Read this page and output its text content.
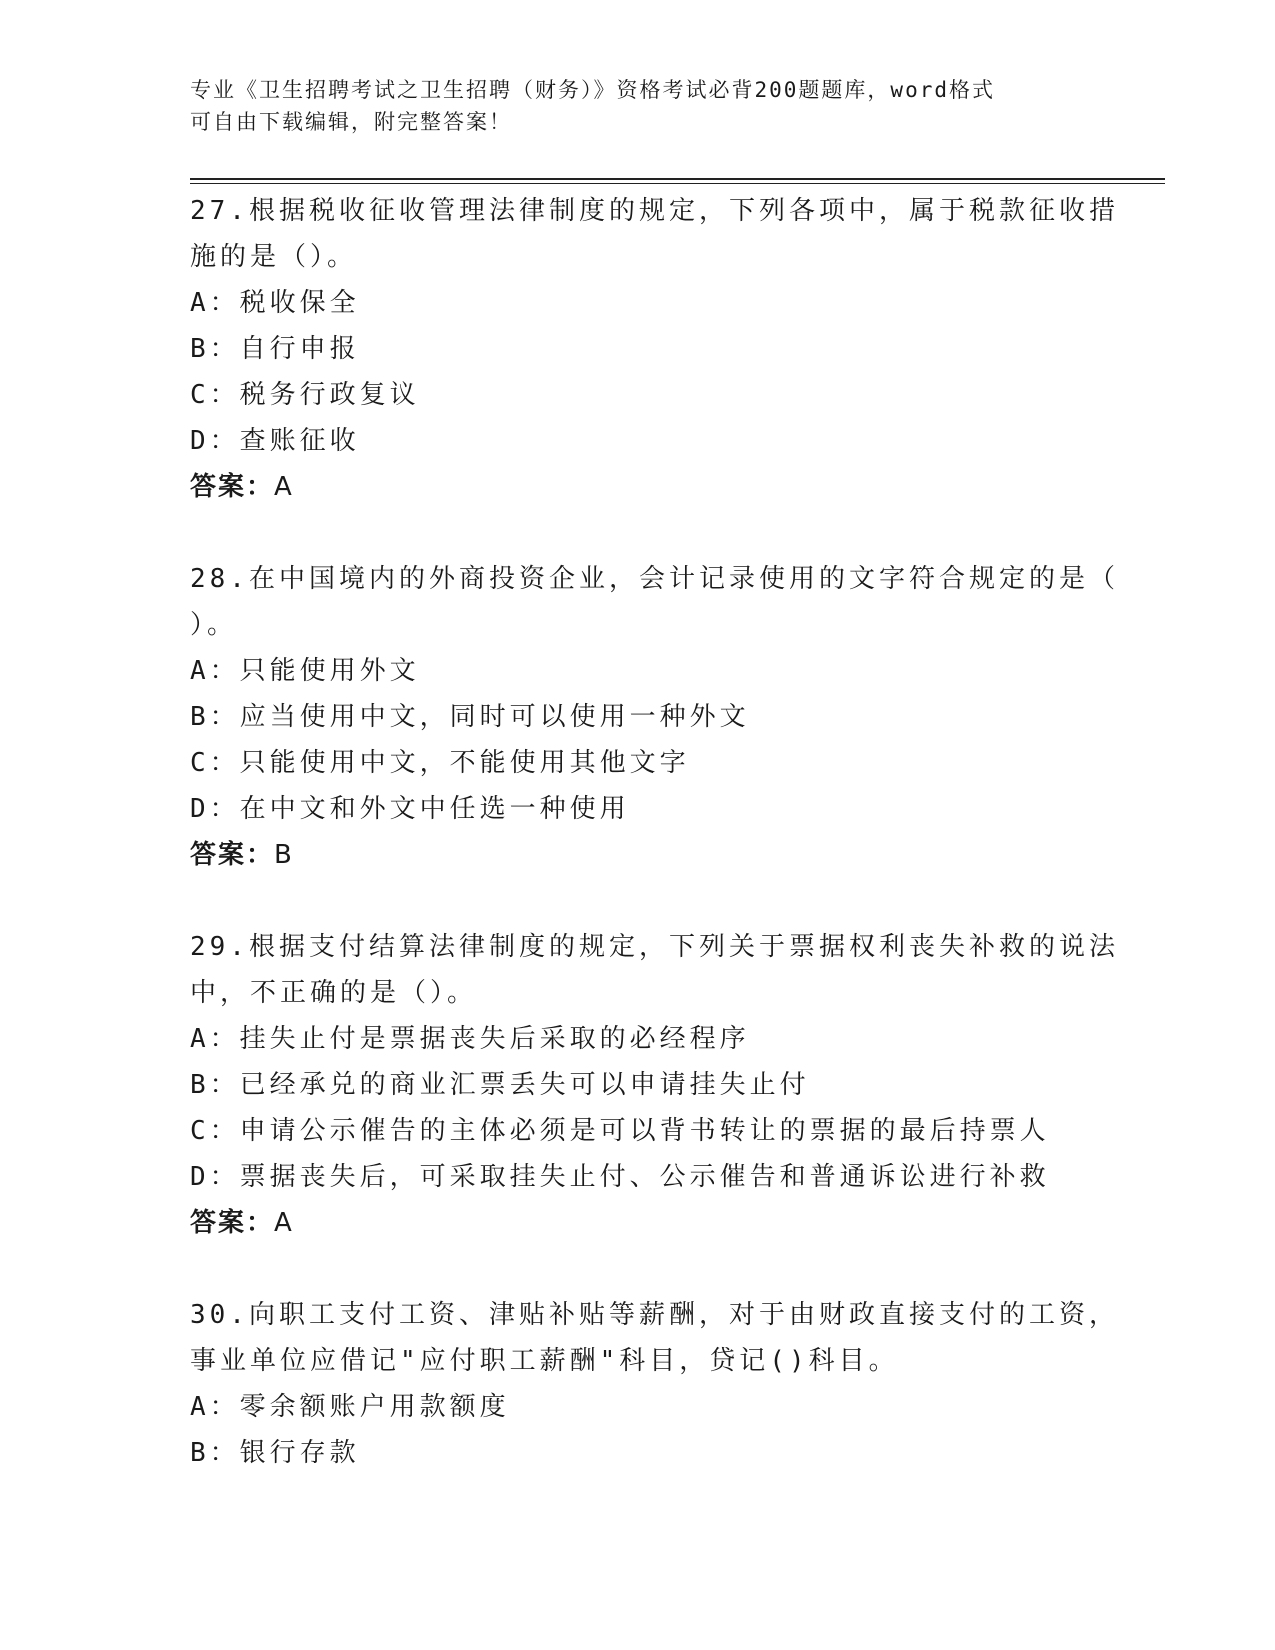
专业《卫生招聘考试之卫生招聘（财务）》资格考试必背200题题库，word格式
可自由下载编辑，附完整答案！
27.根据税收征收管理法律制度的规定，下列各项中，属于税款征收措
施的是（）。
A：税收保全
B：自行申报
C：税务行政复议
D：查账征收
答案：A
28.在中国境内的外商投资企业，会计记录使用的文字符合规定的是（
）。
A：只能使用外文
B：应当使用中文，同时可以使用一种外文
C：只能使用中文，不能使用其他文字
D：在中文和外文中任选一种使用
答案：B
29.根据支付结算法律制度的规定，下列关于票据权利丧失补救的说法
中，不正确的是（）。
A：挂失止付是票据丧失后采取的必经程序
B：已经承兑的商业汇票丢失可以申请挂失止付
C：申请公示催告的主体必须是可以背书转让的票据的最后持票人
D：票据丧失后，可采取挂失止付、公示催告和普通诉讼进行补救
答案：A
30.向职工支付工资、津贴补贴等薪酬，对于由财政直接支付的工资，
事业单位应借记"应付职工薪酬"科目，贷记()科目。
A：零余额账户用款额度
B：银行存款
